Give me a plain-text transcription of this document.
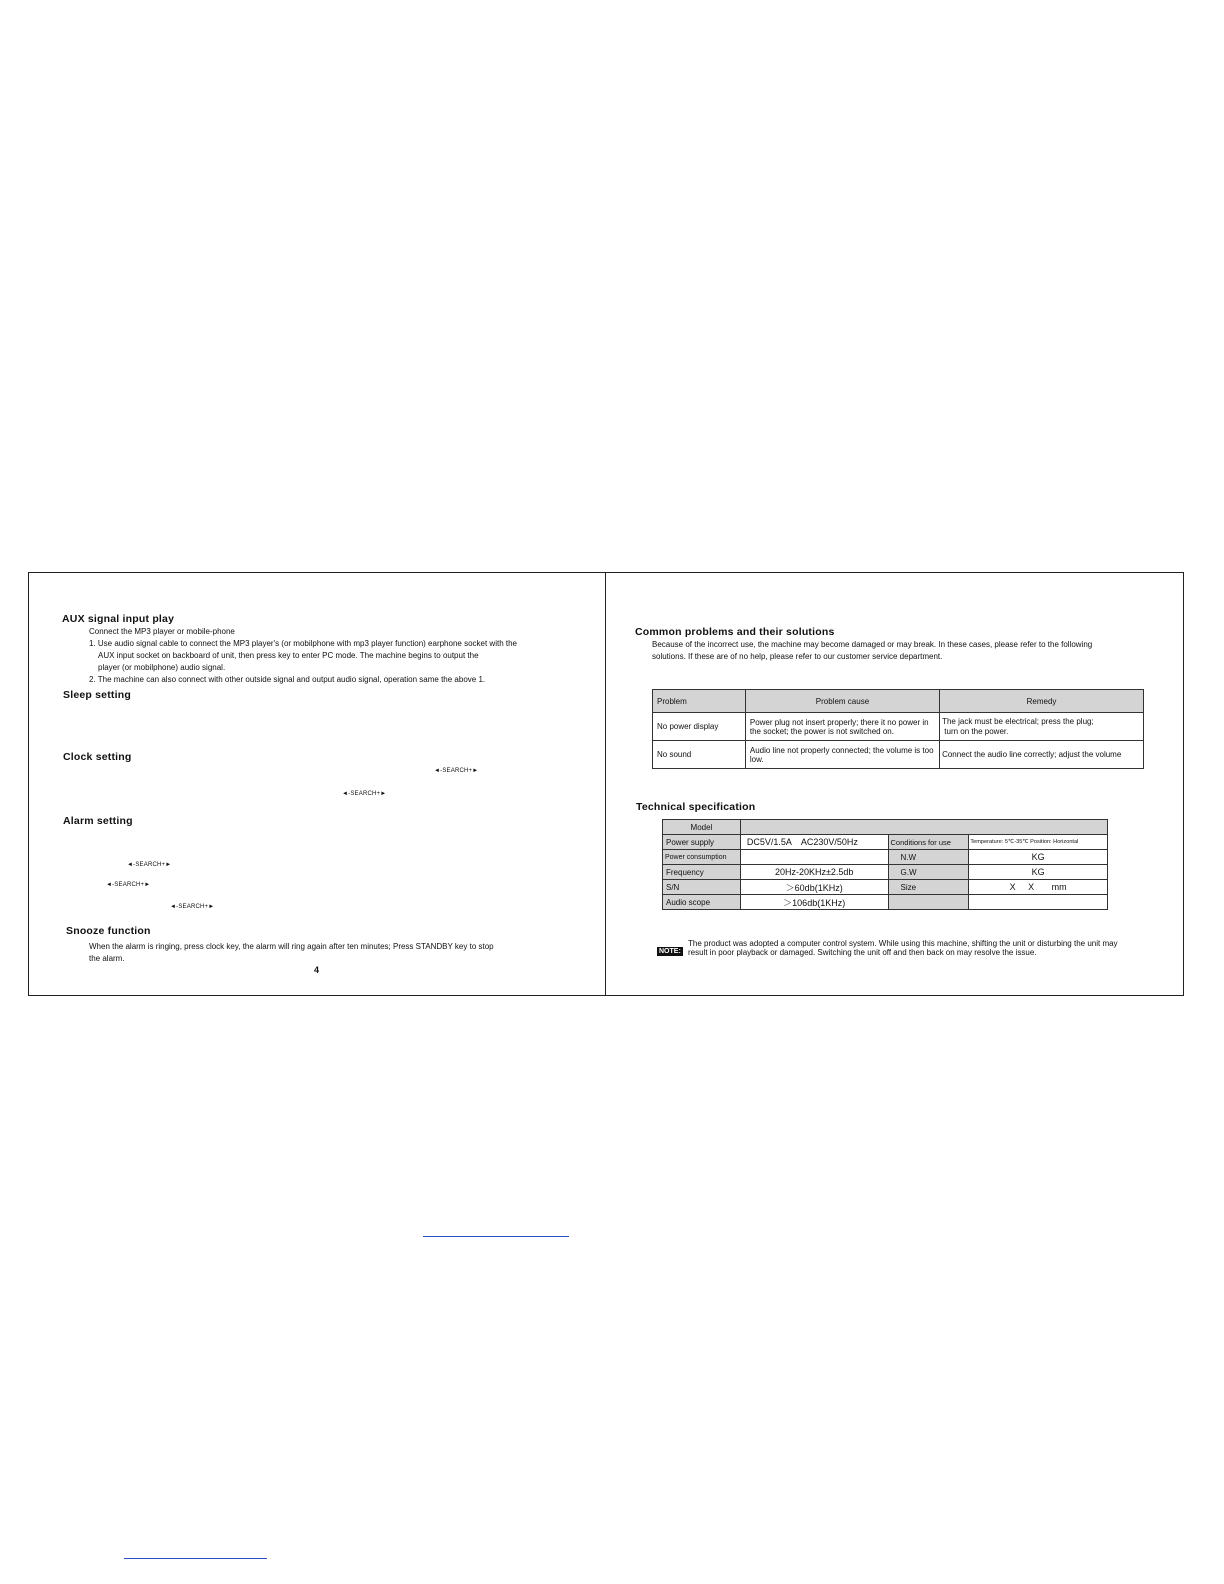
AUX signal input play
Connect the MP3 player or mobile-phone
1. Use audio signal cable to connect the MP3 player's (or mobilphone with mp3 player function) earphone socket with the
AUX input socket on backboard of unit, then press key to enter PC mode. The machine begins to output the
player (or mobilphone) audio signal.
2. The machine can also connect with other outside signal and output audio signal, operation same the above 1.
Sleep setting
Clock setting
◄-SEARCH+►
◄-SEARCH+►
Alarm setting
◄-SEARCH+►
◄-SEARCH+►
◄-SEARCH+►
Snooze function
When the alarm is ringing, press clock key, the alarm will ring again after ten minutes; Press STANDBY key to stop
the alarm.
4
Common problems and their solutions
Because of the incorrect use, the machine may become damaged or may break. In these cases, please refer to the following
solutions. If these are of no help, please refer to our customer service department.
Problem	Problem cause	Remedy
No power display	Power plug not insert properly; there it no power in the socket; the power is not switched on.	The jack must be electrical; press the plug;
turn on the power.

No sound	Audio line not properly connected; the volume is too low.	Connect the audio line correctly; adjust the volume
Technical specification
Model			
Power supply	DC5V/1.5A    AC230V/50Hz	Conditions for use	Temperature: 5℃-35℃ Position: Horizontal
Power consumption		N.W	KG
Frequency	20Hz-20KHz±2.5db	G.W	KG
S/N	＞60db(1KHz)	Size	X     X       mm
Audio scope	＞106db(1KHz)		
NOTE:
The product was adopted a computer control system. While using this machine, shifting the unit or disturbing the unit may
result in poor playback or damaged. Switching the unit off and then back on may resolve the issue.
